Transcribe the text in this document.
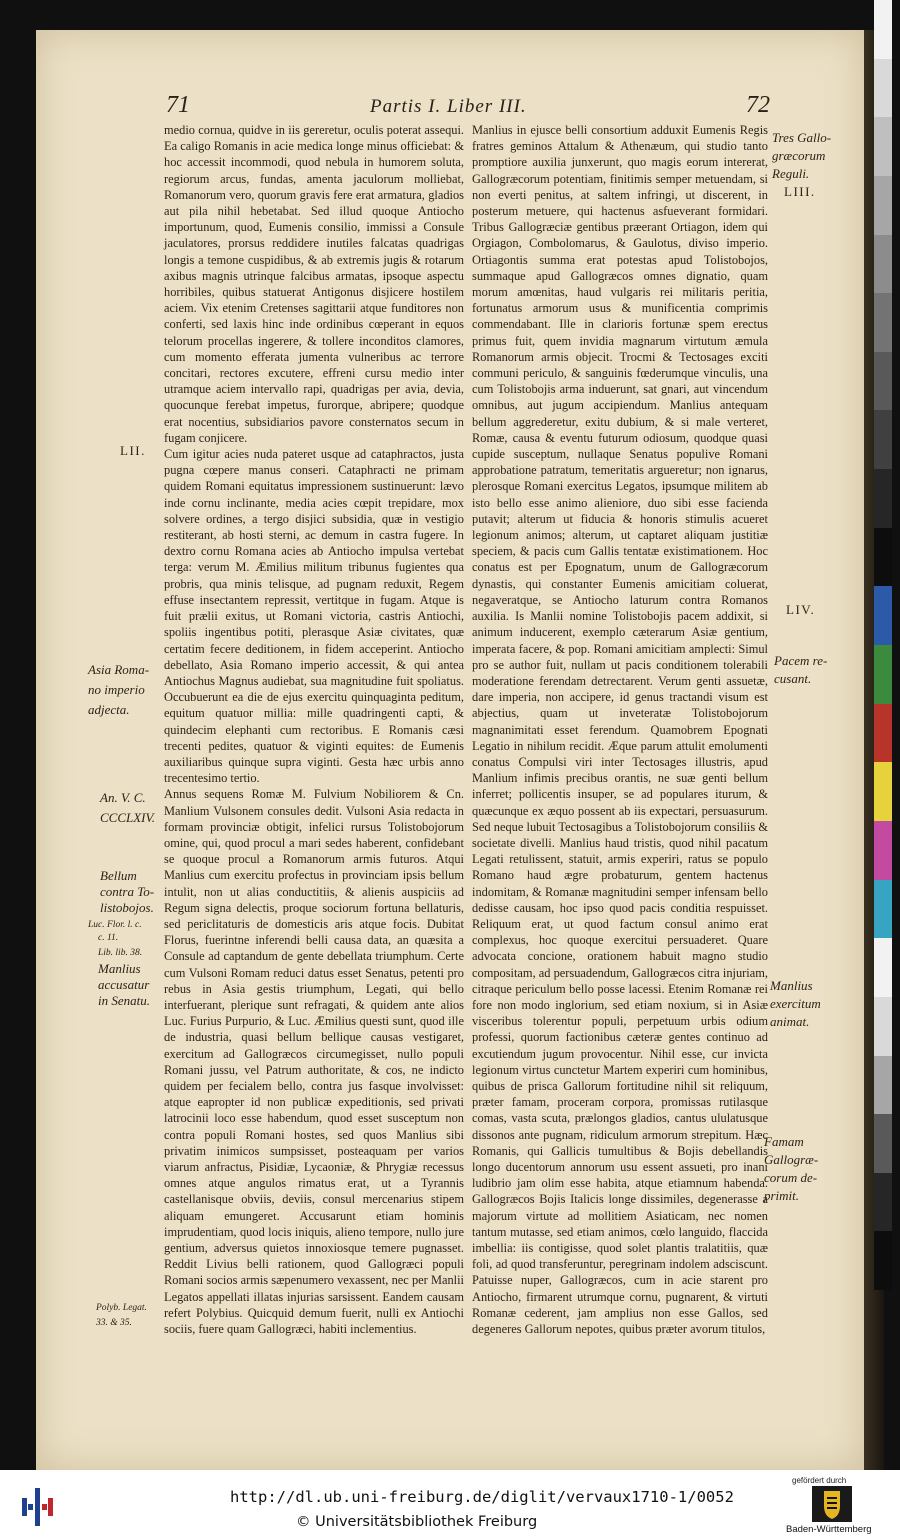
71	Partis I. Liber III.	72

medio cornua, quidve in iis gereretur, oculis poterat assequi. Ea caligo Romanis in acie medica longe minus officiebat: & hoc accessit incommodi, quod nebula in humorem soluta, regiorum arcus, fundas, amenta jaculorum molliebat, Romanorum vero, quorum gravis fere erat armatura, gladios aut pila nihil hebetabat. Sed illud quoque Antiocho importunum, quod, Eumenis consilio, immissi a Consule jaculatores, prorsus reddidere inutiles falcatas quadrigas longis a temone cuspidibus, & ab extremis jugis & rotarum axibus magnis utrinque falcibus armatas, ipsoque aspectu horribiles, quibus statuerat Antigonus disjicere hostilem aciem. Vix etenim Cretenses sagittarii atque funditores non conferti, sed laxis hinc inde ordinibus cœperant in equos telorum procellas ingerere, & tollere inconditos clamores, cum momento efferata jumenta vulneribus ac terrore concitari, rectores excutere, effreni cursu medio inter utramque aciem intervallo rapi, quadrigas per avia, devia, quocunque ferebat impetus, furorque, abripere; quodque erat nocentius, subsidiarios pavore consternatos secum in fugam conjicere.

Cum igitur acies nuda pateret usque ad cataphractos, justa pugna cœpere manus conseri. Cataphracti ne primam quidem Romani equitatus impressionem sustinuerunt: lævo inde cornu inclinante, media acies cœpit trepidare, mox solvere ordines, a tergo disjici subsidia, quæ in vestigio restiterant, ab hosti sterni, ac demum in castra fugere. In dextro cornu Romana acies ab Antiocho impulsa vertebat terga: verum M. Æmilius militum tribunus fugientes qua probris, qua minis telisque, ad pugnam reduxit, Regem effuse insectantem repressit, vertitque in fugam. Atque is fuit prælii exitus, ut Romani victoria, castris Antiochi, spoliis ingentibus potiti, plerasque Asiæ civitates, quæ certatim fecere deditionem, in fidem acceperint. Antiocho debellato, Asia Romano imperio accessit, & qui antea Antiochus Magnus audiebat, sua magnitudine fuit spoliatus. Occubuerunt ea die de ejus exercitu quinquaginta peditum, equitum quatuor millia: mille quadringenti capti, & quindecim elephanti cum rectoribus. E Romanis cæsi trecenti pedites, quatuor & viginti equites: de Eumenis auxiliaribus quinque supra viginti. Gesta hæc urbis anno trecentesimo tertio.

Annus sequens Romæ M. Fulvium Nobiliorem & Cn. Manlium Vulsonem consules dedit. Vulsoni Asia redacta in formam provinciæ obtigit, infelici rursus Tolistobojorum omine, qui, quod procul a mari sedes haberent, confidebant se quoque procul a Romanorum armis futuros. Atqui Manlius cum exercitu profectus in provinciam ipsis bellum intulit, non ut alias conductitiis, & alienis auspiciis ad Regum signa delectis, proque sociorum fortuna bellaturis, sed periclitaturis de domesticis aris atque focis. Dubitat Florus, fuerintne inferendi belli causa data, an quæsita a Consule ad captandum de gente debellata triumphum. Certe cum Vulsoni Romam reduci datus esset Senatus, petenti pro rebus in Asia gestis triumphum, Legati, qui bello interfuerant, plerique sunt refragati, & quidem ante alios Luc. Furius Purpurio, & Luc. Æmilius questi sunt, quod ille de industria, quasi bellum bellique causas vestigaret, exercitum ad Gallogræcos circumegisset, nullo populi Romani jussu, vel Patrum authoritate, & cos, ne indicto quidem per fecialem bello, contra jus fasque involvisset: atque eapropter id non publicæ expeditionis, sed privati latrocinii loco esse habendum, quod esset susceptum non contra populi Romani hostes, sed quos Manlius sibi privatim inimicos sumpsisset, posteaquam per varios viarum anfractus, Pisidiæ, Lycaoniæ, & Phrygiæ recessus omnes atque angulos rimatus erat, ut a Tyrannis castellanisque obviis, deviis, consul mercenarius stipem aliquam emungeret. Accusarunt etiam hominis imprudentiam, quod locis iniquis, alieno tempore, nullo jure gentium, adversus quietos innoxiosque temere pugnasset. Reddit Livius belli rationem, quod Gallogræci populi Romani socios armis sæpenumero vexassent, nec per Manlii Legatos appellati illatas injurias sarsissent. Eandem causam refert Polybius. Quicquid demum fuerit, nulli ex Antiochi sociis, fuere quam Gallogræci, habiti inclementius.

Manlius in ejusce belli consortium adduxit Eumenis Regis fratres geminos Attalum & Athenæum, qui studio tanto promptiore auxilia junxerunt, quo magis eorum intererat, Gallogræcorum potentiam, finitimis semper metuendam, si non everti penitus, at saltem infringi, ut discerent, in posterum metuere, qui hactenus asfueverant formidari. Tribus Gallogræciæ gentibus præerant Ortiagon, idem qui Orgiagon, Combolomarus, & Gaulotus, diviso imperio. Ortiagontis summa erat potestas apud Tolistobojos, summaque apud Gallogræcos omnes dignatio, quam morum amœnitas, haud vulgaris rei militaris peritia, fortunatus armorum usus & munificentia comprimis commendabant. Ille in clarioris fortunæ spem erectus primus fuit, quem invidia magnarum virtutum æmula Romanorum armis objecit. Trocmi & Tectosages exciti communi periculo, & sanguinis fœderumque vinculis, una cum Tolistobojis arma induerunt, sat gnari, aut vincendum omnibus, aut jugum accipiendum. Manlius antequam bellum aggrederetur, exitu dubium, & si male verteret, Romæ, causa & eventu futurum odiosum, quodque quasi cupide susceptum, nullaque Senatus populive Romani approbatione patratum, temeritatis argueretur; non ignarus, plerosque Romani exercitus Legatos, ipsumque militem ab isto bello esse animo alieniore, duo sibi esse facienda putavit; alterum ut fiducia & honoris stimulis acueret legionum animos; alterum, ut captaret aliquam justitiæ speciem, & pacis cum Gallis tentatæ existimationem. Hoc conatus est per Epognatum, unum de Gallogræcorum dynastis, qui constanter Eumenis amicitiam coluerat, negaveratque, se Antiocho laturum contra Romanos auxilia. Is Manlii nomine Tolistobojis pacem addixit, si animum inducerent, exemplo cæterarum Asiæ gentium, imperata facere, & pop. Romani amicitiam amplecti: Simul pro se author fuit, nullam ut pacis conditionem tolerabili moderatione ferendam detrectarent. Verum genti assuetæ, dare imperia, non accipere, id genus tractandi visum est abjectius, quam ut inveteratæ Tolistobojorum magnanimitati esset ferendum. Quamobrem Epognati Legatio in nihilum recidit. Æque parum attulit emolumenti conatus Compulsi viri inter Tectosages illustris, apud Manlium infimis precibus orantis, ne suæ genti bellum inferret; pollicentis insuper, se ad populares iturum, & quæcunque ex æquo possent ab iis expectari, persuasurum. Sed neque lubuit Tectosagibus a Tolistobojorum consiliis & societate divelli. Manlius haud tristis, quod nihil pacatum Legati retulissent, statuit, armis experiri, ratus se populo Romano haud ægre probaturum, gentem hactenus indomitam, & Romanæ magnitudini semper infensam bello dedisse causam, hoc ipso quod pacis conditia respuisset. Reliquum erat, ut quod factum consul animo erat complexus, hoc quoque exercitui persuaderet. Quare advocata concione, orationem habuit magno studio compositam, ad persuadendum, Gallogræcos citra injuriam, citraque periculum bello posse lacessi. Etenim Romanæ rei fore non modo inglorium, sed etiam noxium, si in Asiæ visceribus tolerentur populi, perpetuum urbis odium professi, quorum factionibus cæteræ gentes continuo ad excutiendum jugum provocentur. Nihil esse, cur invicta legionum virtus cunctetur Martem experiri cum hominibus, quibus de prisca Gallorum fortitudine nihil sit reliquum, præter famam, proceram corpora, promissas rutilasque comas, vasta scuta, prælongos gladios, cantus ululatusque dissonos ante pugnam, ridiculum armorum strepitum. Hæc Romanis, qui Gallicis tumultibus & Bojis debellandis longo ducentorum annorum usu essent assueti, pro inani ludibrio jam olim esse habita, atque etiamnum habenda. Gallogræcos Bojis Italicis longe dissimiles, degenerasse a majorum virtute ad mollitiem Asiaticam, nec nomen tantum mutasse, sed etiam animos, cœlo languido, flaccida imbellia: iis contigisse, quod solet plantis tralatitiis, quæ foli, ad quod transferuntur, peregrinam indolem adsciscunt. Patuisse nuper, Gallogræcos, cum in acie starent pro Antiocho, firmarent utrumque cornu, pugnarent, & virtuti Romanæ cederent, jam amplius non esse Gallos, sed degeneres Gallorum nepotes, quibus præter avorum titulos,

LII.
Asia Roma-
no imperio
adjecta.
An. V. C.
CCCLXIV.
Bellum
contra To-
listobojos.
Luc. Flor. l. c.
c. 11.
Lib. lib. 38.
Manlius
accusatur
in Senatu.
Polyb. Legat.
33. & 35.
Tres Gallo-
græcorum
Reguli.
LIII.
LIV.
Pacem re-
cusant.
Manlius
exercitum
animat.
Famam
Gallogræ-
corum de-
primit.
http://dl.ub.uni-freiburg.de/diglit/vervaux1710-1/0052
© Universitätsbibliothek Freiburg
gefördert durch
Baden-Württemberg
